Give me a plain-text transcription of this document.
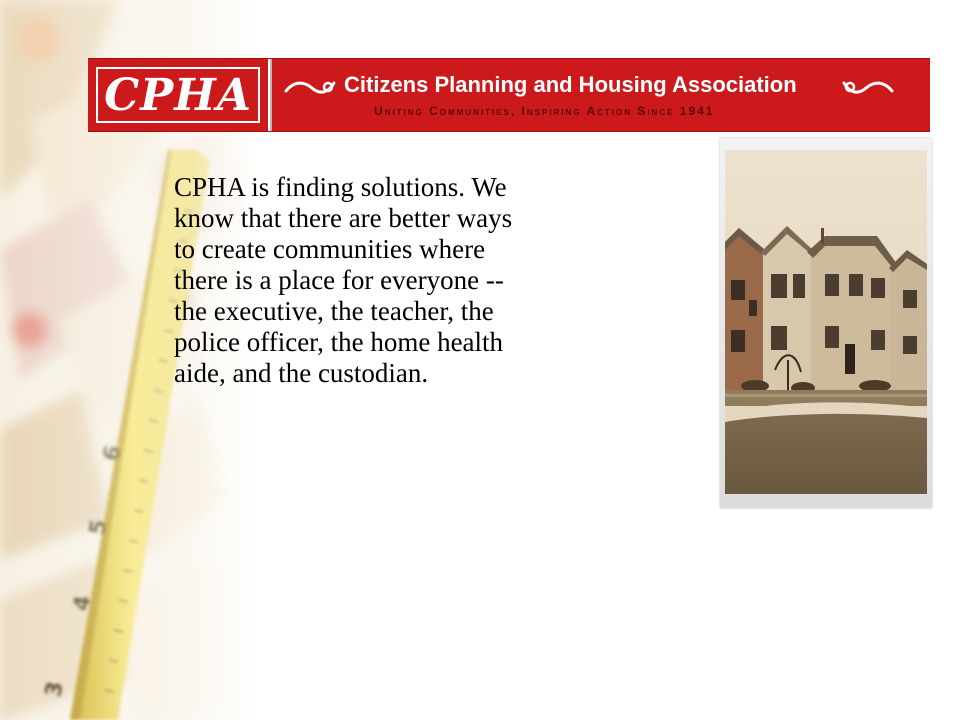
CPHA	Citizens Planning and Housing Association
Uniting Communities, Inspiring Action Since 1941

CPHA is finding solutions. We
know that there are better ways
to create communities where
there is a place for everyone --
the executive, the teacher, the
police officer, the home health
aide, and the custodian.
